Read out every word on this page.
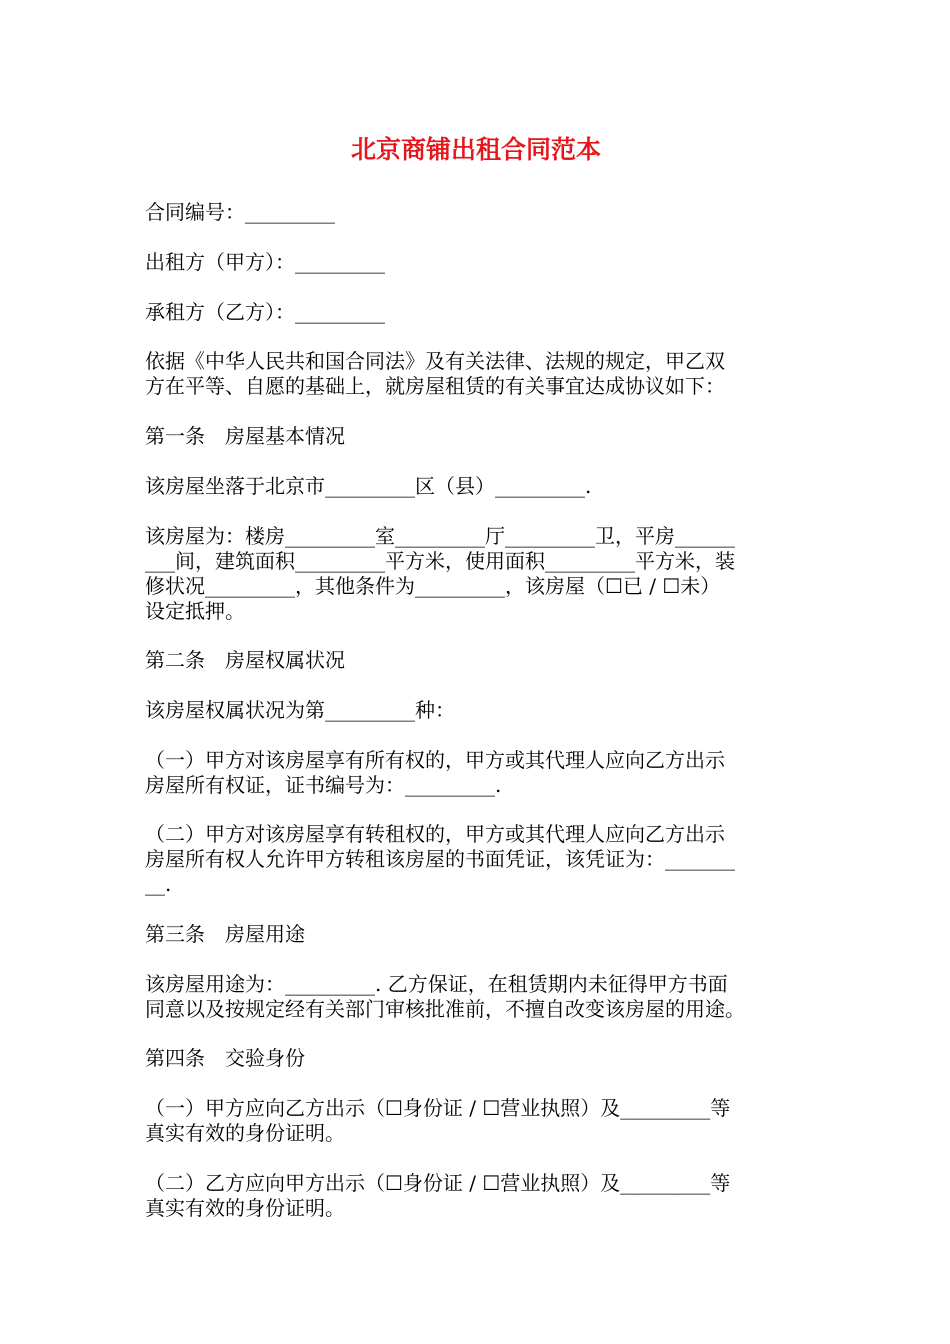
北京商铺出租合同范本

合同编号：_________

出租方（甲方）：_________

承租方（乙方）：_________

依据《中华人民共和国合同法》及有关法律、法规的规定，甲乙双
方在平等、自愿的基础上，就房屋租赁的有关事宜达成协议如下：

第一条　房屋基本情况

该房屋坐落于北京市_________区（县）_________.

该房屋为：楼房_________室_________厅_________卫，平房______
___间，建筑面积_________平方米，使用面积_________平方米，装
修状况_________，其他条件为_________，该房屋（☐已 / ☐未）
设定抵押。

第二条　房屋权属状况

该房屋权属状况为第_________种：

（一）甲方对该房屋享有所有权的，甲方或其代理人应向乙方出示
房屋所有权证，证书编号为：_________.

（二）甲方对该房屋享有转租权的，甲方或其代理人应向乙方出示
房屋所有权人允许甲方转租该房屋的书面凭证，该凭证为：_______
__.

第三条　房屋用途

该房屋用途为：_________. 乙方保证，在租赁期内未征得甲方书面
同意以及按规定经有关部门审核批准前，不擅自改变该房屋的用途。

第四条　交验身份

（一）甲方应向乙方出示（☐身份证 / ☐营业执照）及_________等
真实有效的身份证明。

（二）乙方应向甲方出示（☐身份证 / ☐营业执照）及_________等
真实有效的身份证明。
